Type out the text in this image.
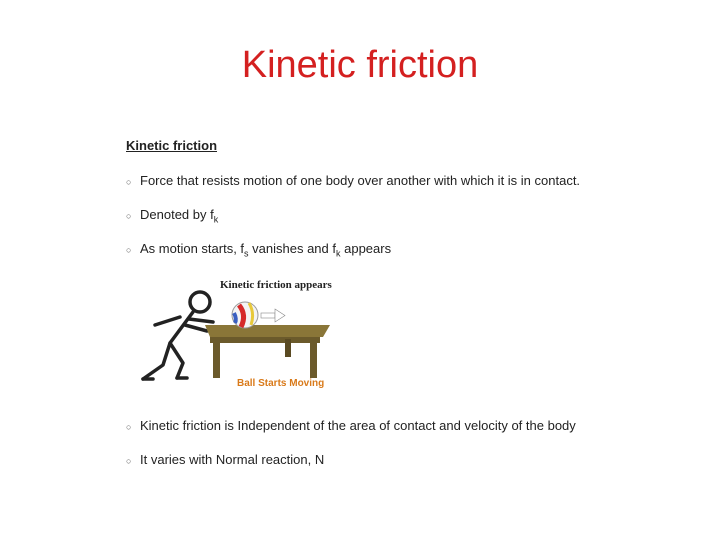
Kinetic friction
Kinetic friction
○ Force that resists motion of one body over another with which it is in contact.
○ Denoted by $f_k$
○ As motion starts, $f_s$ vanishes and $f_k$ appears
Kinetic friction appears
Ball Starts Moving
○ Kinetic friction is Independent of the area of contact and velocity of the body
○ It varies with Normal reaction, N
